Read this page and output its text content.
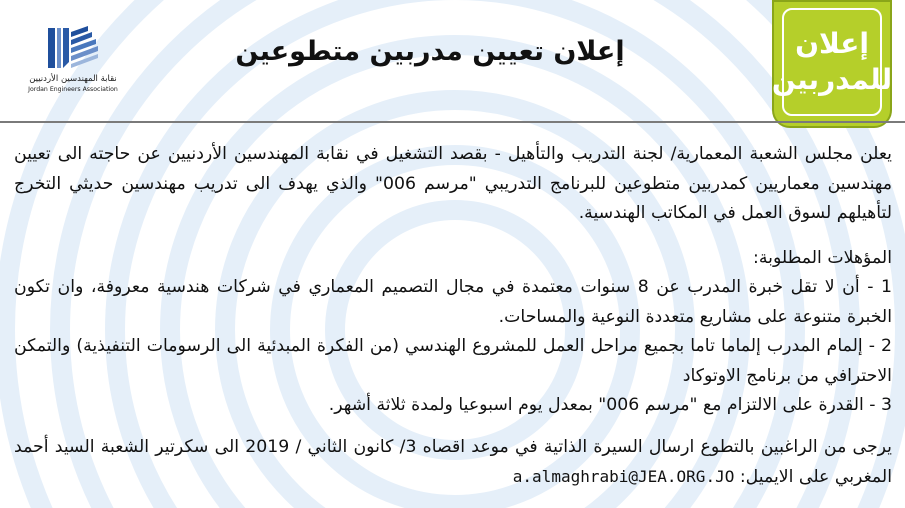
نقابة المهندسين الأردنيين
Jordan Engineers Association
إعلان تعيين مدربين متطوعين	إعلان
للمدربين

يعلن مجلس الشعبة المعمارية/ لجنة التدريب والتأهيل - بقصد التشغيل في نقابة المهندسين الأردنيين عن حاجته الى تعيين مهندسين معماريين كمدربين متطوعين للبرنامج التدريبي "مرسم 006" والذي يهدف الى تدريب مهندسين حديثي التخرج لتأهيلهم لسوق العمل في المكاتب الهندسية.

المؤهلات المطلوبة:

1 - أن لا تقل خبرة المدرب عن 8 سنوات معتمدة في مجال التصميم المعماري في شركات هندسية معروفة، وان تكون الخبرة متنوعة على مشاريع متعددة النوعية والمساحات.

2 - إلمام المدرب إلماما تاما بجميع مراحل العمل للمشروع الهندسي (من الفكرة المبدئية الى الرسومات التنفيذية) والتمكن الاحترافي من برنامج الاوتوكاد

3 - القدرة على الالتزام مع "مرسم 006" بمعدل يوم اسبوعيا ولمدة ثلاثة أشهر.

يرجى من الراغبين بالتطوع ارسال السيرة الذاتية في موعد اقصاه 3/ كانون الثاني / 2019 الى سكرتير الشعبة السيد أحمد المغربي على الايميل: a.almaghrabi@JEA.ORG.JO
